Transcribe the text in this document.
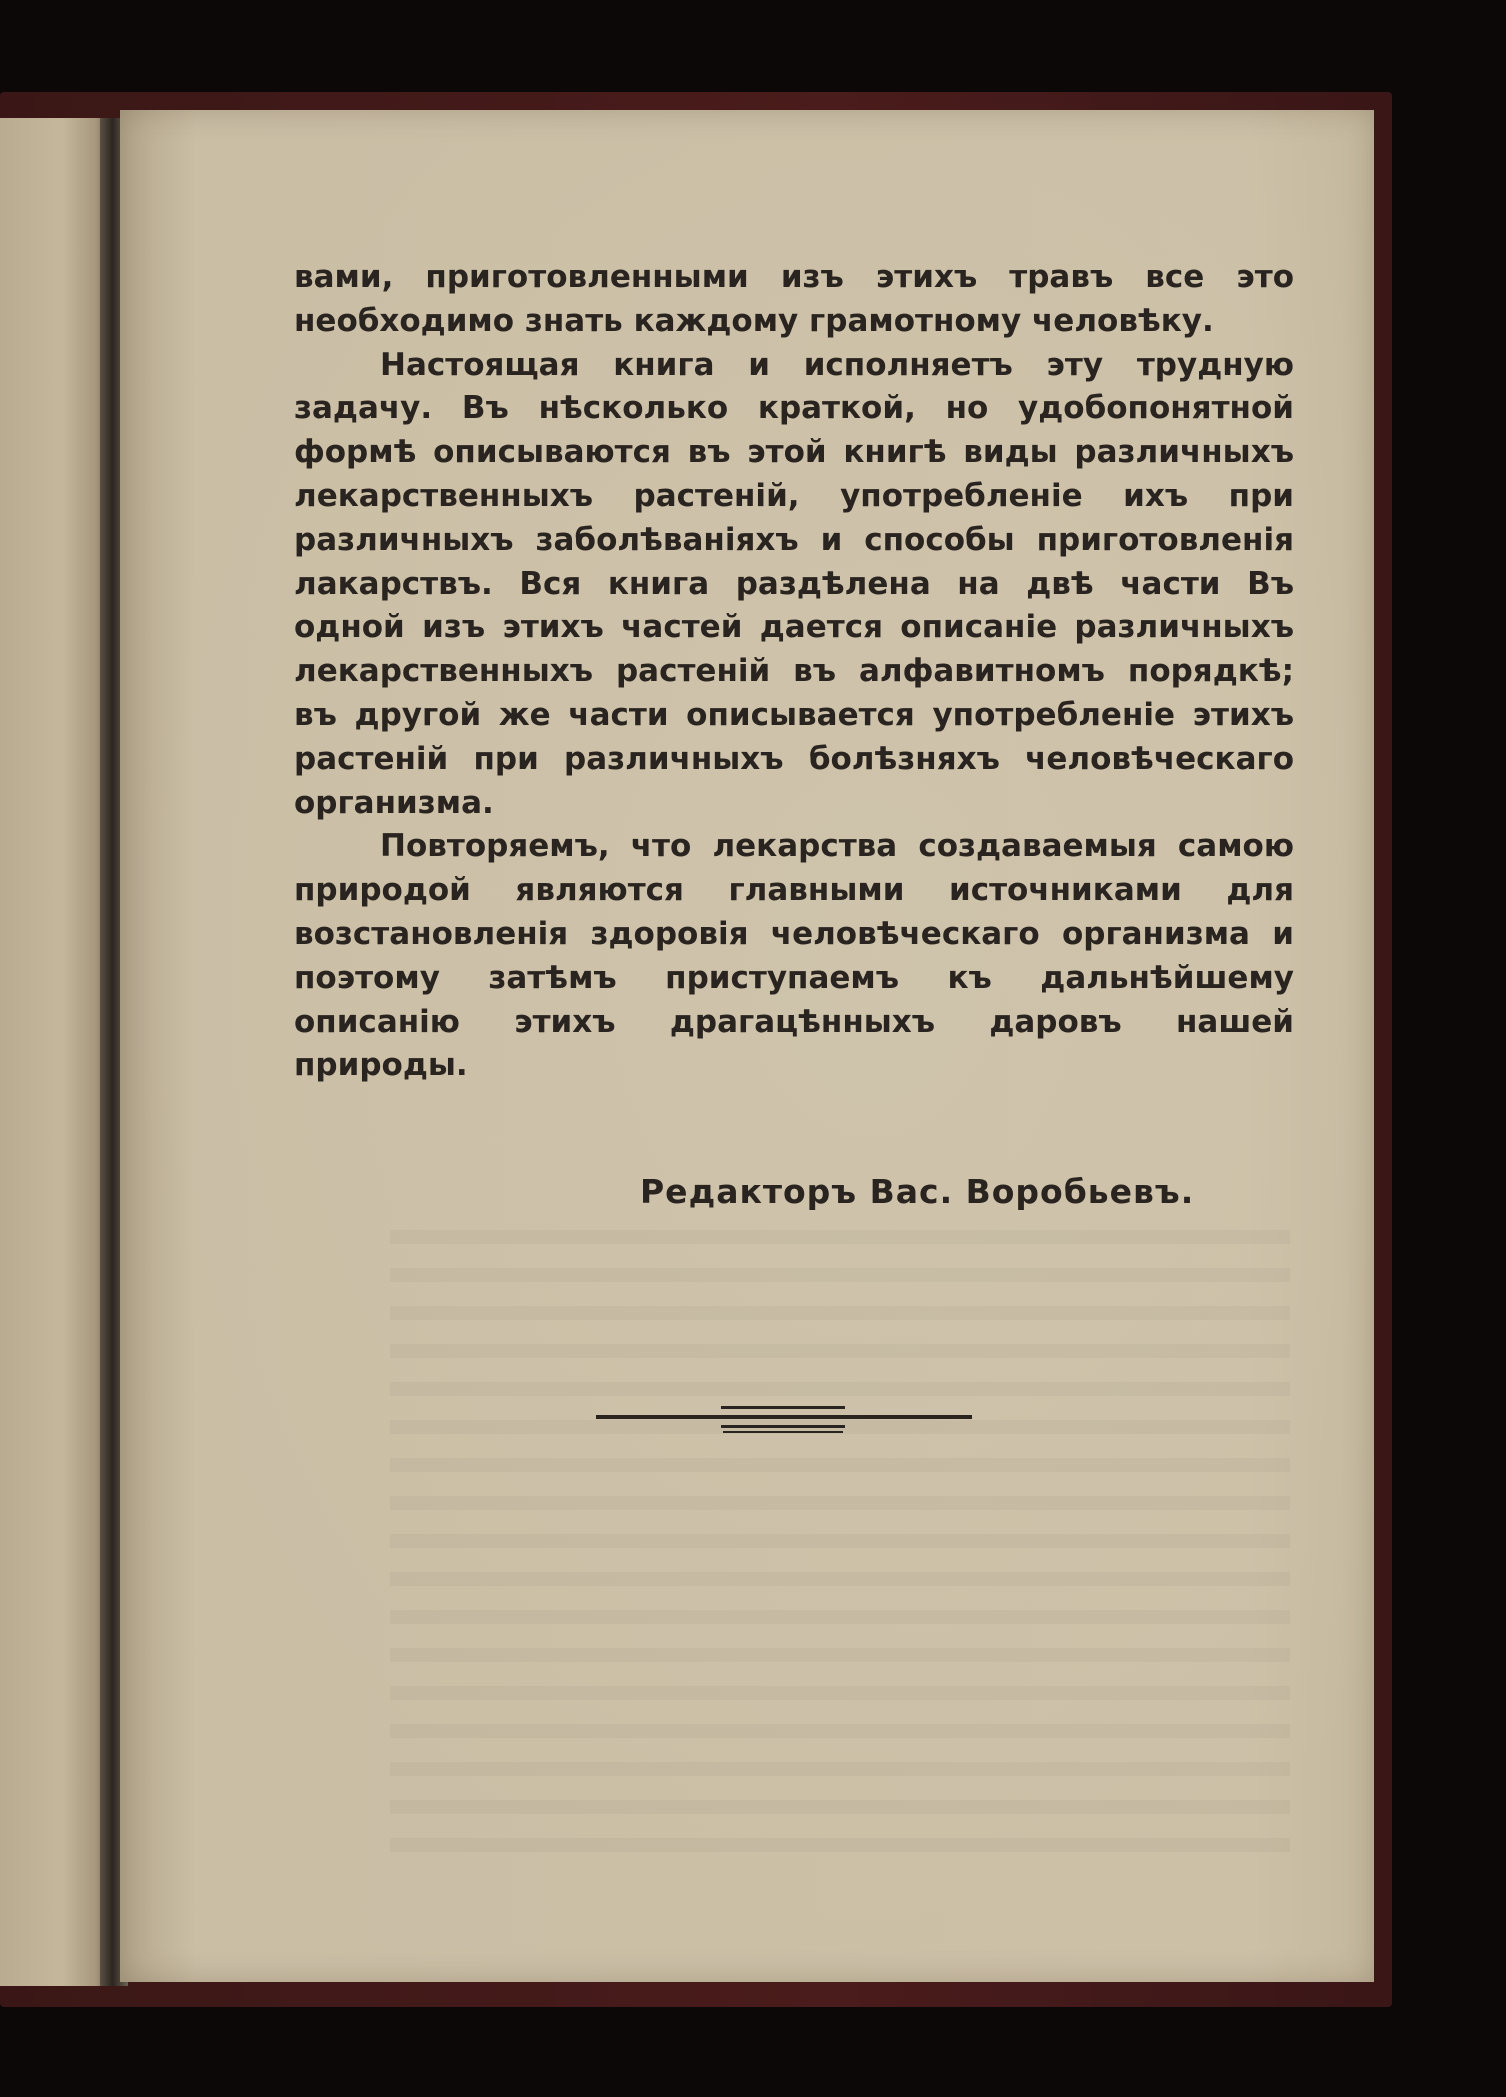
вами, приготовленными изъ этихъ травъ все это необходимо знать каждому грамотному человѣку.

Настоящая книга и исполняетъ эту трудную задачу. Въ нѣсколько краткой, но удобопонятной формѣ описываются въ этой книгѣ виды различныхъ лекарственныхъ растенiй, употребленiе ихъ при различныхъ заболѣванiяхъ и способы приготовленiя лакарствъ. Вся книга раздѣлена на двѣ части Въ одной изъ этихъ частей дается описанiе различныхъ лекарственныхъ растенiй въ алфавитномъ порядкѣ; въ другой же части описывается употребленiе этихъ растенiй при различныхъ болѣзняхъ человѣческаго организма.

Повторяемъ, что лекарства создаваемыя самою природой являются главными источниками для возстановленiя здоровiя человѣческаго организма и поэтому затѣмъ приступаемъ къ дальнѣйшему описанiю этихъ драгацѣнныхъ даровъ нашей природы.

Редакторъ Вас. Воробьевъ.
